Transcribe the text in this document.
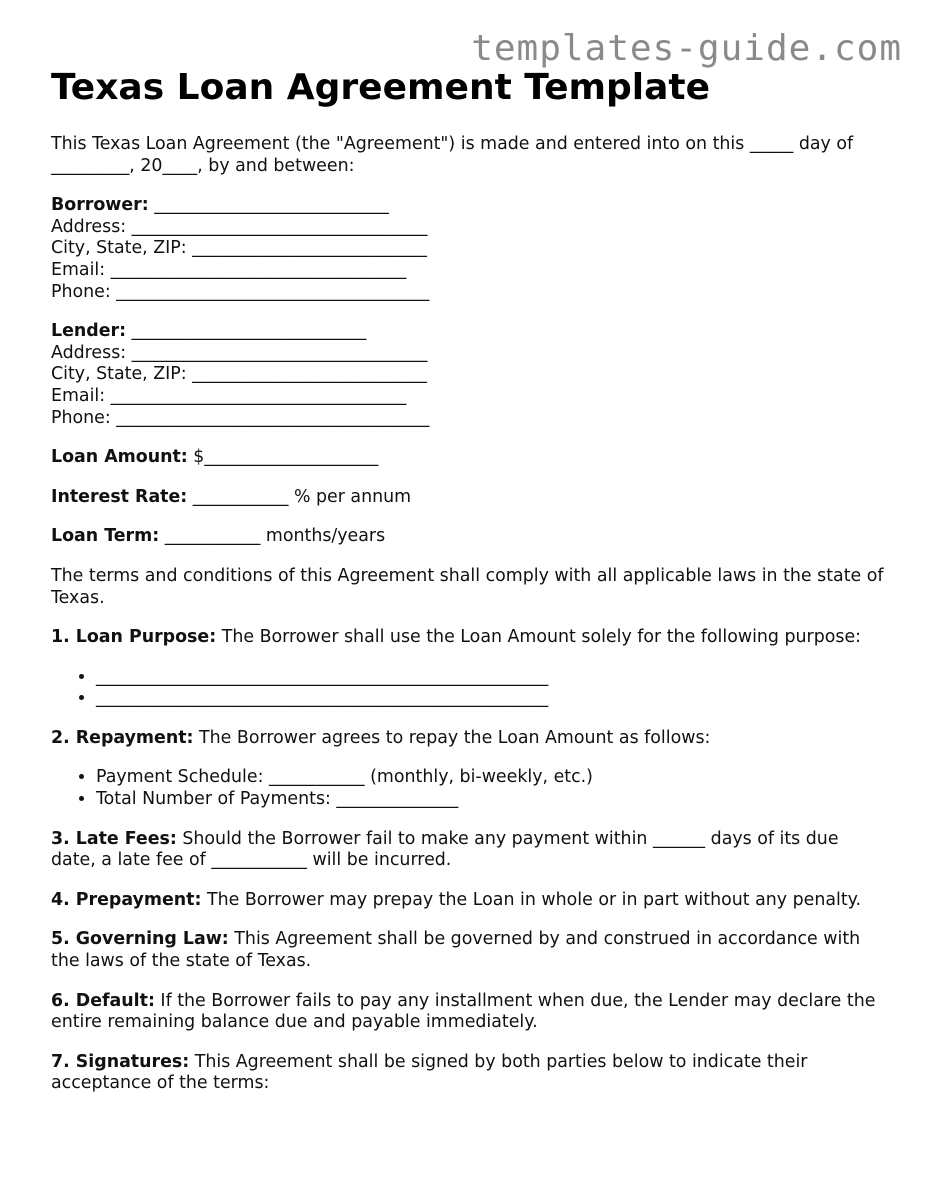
templates-guide.com
Texas Loan Agreement Template

This Texas Loan Agreement (the "Agreement") is made and entered into on this _____ day of _________, 20____, by and between:

Borrower: ___________________________
Address: __________________________________
City, State, ZIP: ___________________________
Email: __________________________________
Phone: ____________________________________
Lender: ___________________________
Address: __________________________________
City, State, ZIP: ___________________________
Email: __________________________________
Phone: ____________________________________

Loan Amount: $____________________

Interest Rate: ___________ % per annum

Loan Term: ___________ months/years

The terms and conditions of this Agreement shall comply with all applicable laws in the state of Texas.

1. Loan Purpose: The Borrower shall use the Loan Amount solely for the following purpose:

• ____________________________________________________
• ____________________________________________________

2. Repayment: The Borrower agrees to repay the Loan Amount as follows:

• Payment Schedule: ___________ (monthly, bi-weekly, etc.)
• Total Number of Payments: ______________

3. Late Fees: Should the Borrower fail to make any payment within ______ days of its due date, a late fee of ___________ will be incurred.

4. Prepayment: The Borrower may prepay the Loan in whole or in part without any penalty.

5. Governing Law: This Agreement shall be governed by and construed in accordance with the laws of the state of Texas.

6. Default: If the Borrower fails to pay any installment when due, the Lender may declare the entire remaining balance due and payable immediately.

7. Signatures: This Agreement shall be signed by both parties below to indicate their acceptance of the terms:
